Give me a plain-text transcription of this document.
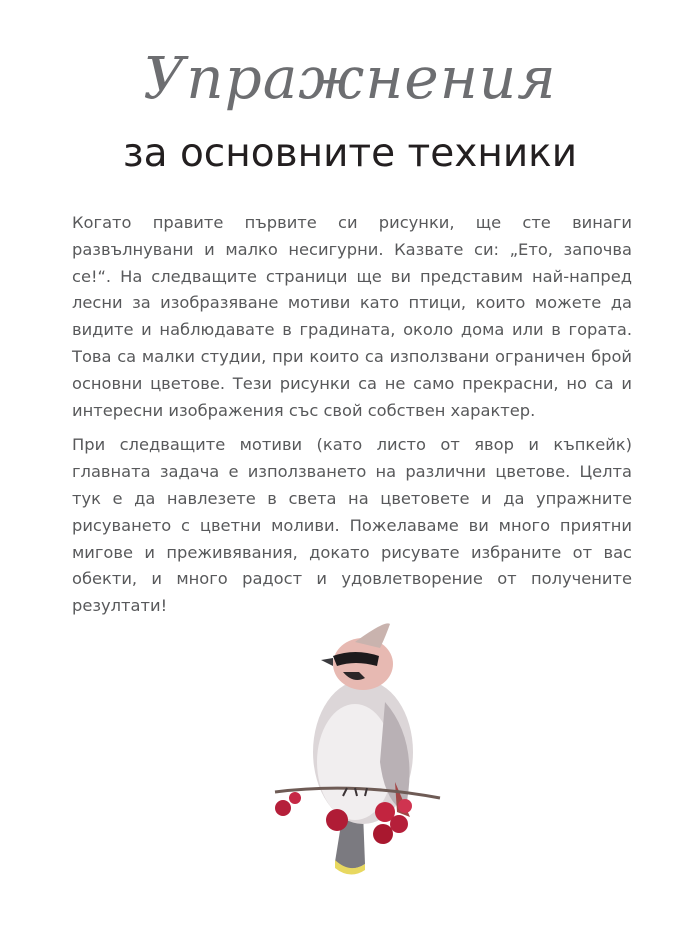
Упражнения
за основните техники

Когато правите първите си рисунки, ще сте винаги развълнувани и малко несигурни. Казвате си: „Ето, започва се!“. На следващите страници ще ви представим най-напред лесни за изобразяване мотиви като птици, които можете да видите и наблюдавате в градината, около дома или в гората. Това са малки студии, при които са използвани ограничен брой основни цветове. Тези рисунки са не само прекрасни, но са и интересни изображения със свой собствен характер.

При следващите мотиви (като листо от явор и къпкейк) главната задача е използването на различни цветове. Целта тук е да навлезете в света на цветовете и да упражните рисуването с цветни моливи. Пожелаваме ви много приятни мигове и преживявания, докато рисувате избраните от вас обекти, и много радост и удовлетворение от получените резултати!
